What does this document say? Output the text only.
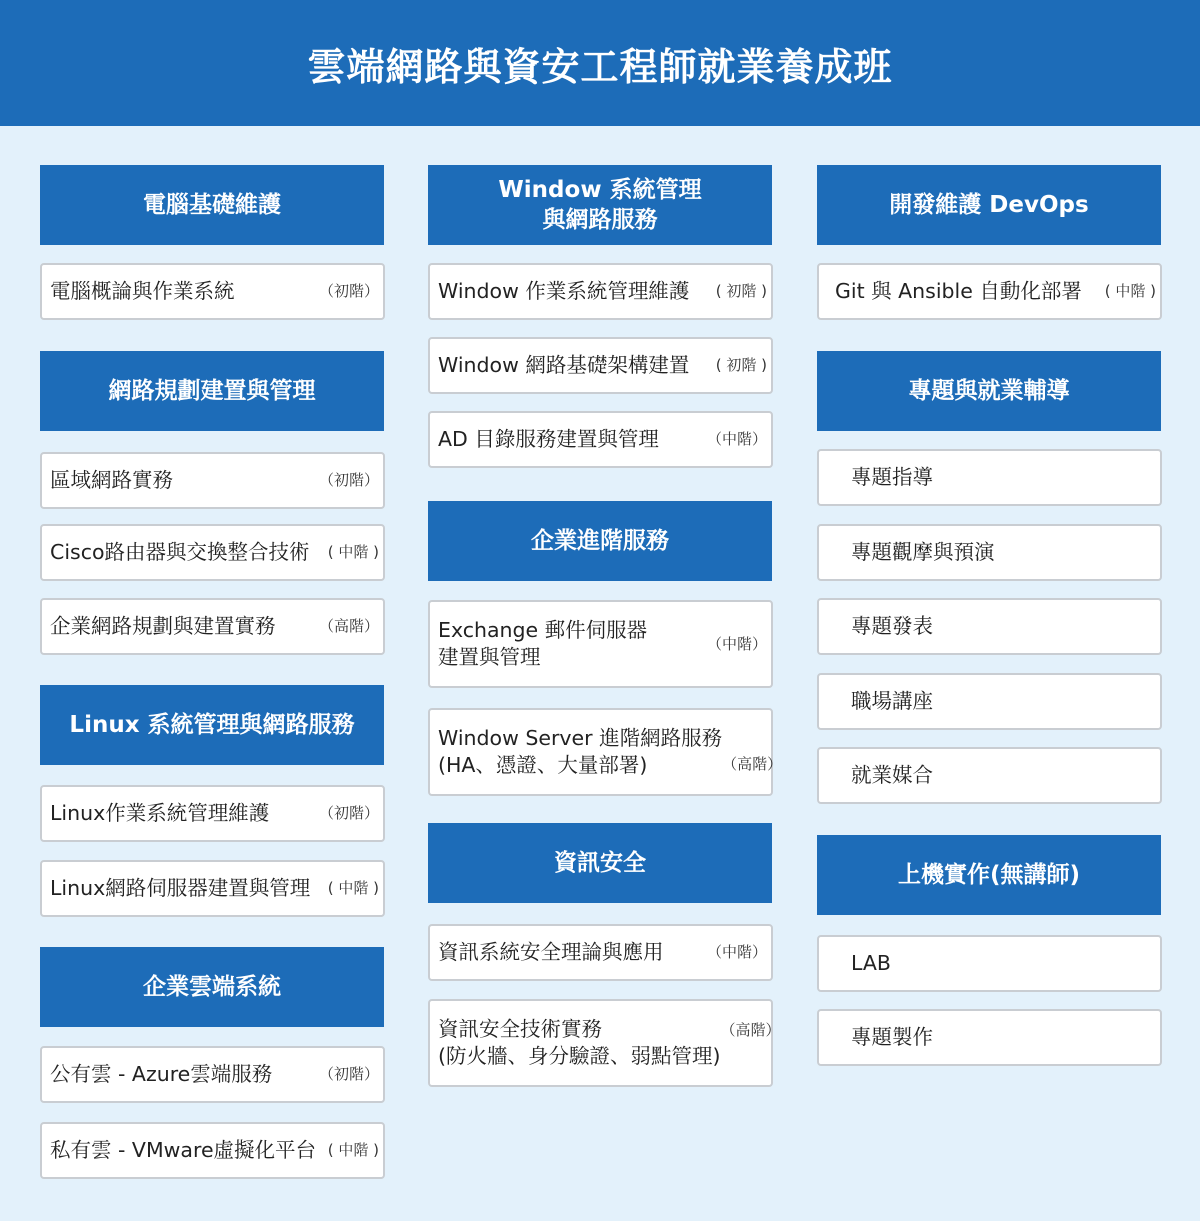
雲端網路與資安工程師就業養成班
電腦基礎維護
電腦概論與作業系統	（初階）
網路規劃建置與管理
區域網路實務	（初階）
Cisco路由器與交換整合技術 ( 中階 )
企業網路規劃與建置實務	（高階）
Linux 系統管理與網路服務
Linux作業系統管理維護	（初階）
Linux網路伺服器建置與管理 ( 中階 )
企業雲端系統
公有雲 - Azure雲端服務	（初階）
私有雲 - VMware虛擬化平台 ( 中階 )
Window 系統管理
與網路服務
Window 作業系統管理維護 ( 初階 )
Window 網路基礎架構建置 ( 初階 )
AD 目錄服務建置與管理	（中階）
企業進階服務
Exchange 郵件伺服器
建置與管理
（中階）
Window Server 進階網路服務
(HA、憑證、大量部署)	（高階）
資訊安全
資訊系統安全理論與應用	（中階）
資訊安全技術實務
(防火牆、身分驗證、弱點管理)
（高階）
開發維護 DevOps
Git 與 Ansible 自動化部署 ( 中階 )
專題與就業輔導
專題指導
專題觀摩與預演
專題發表
職場講座
就業媒合
上機實作(無講師)
LAB
專題製作
